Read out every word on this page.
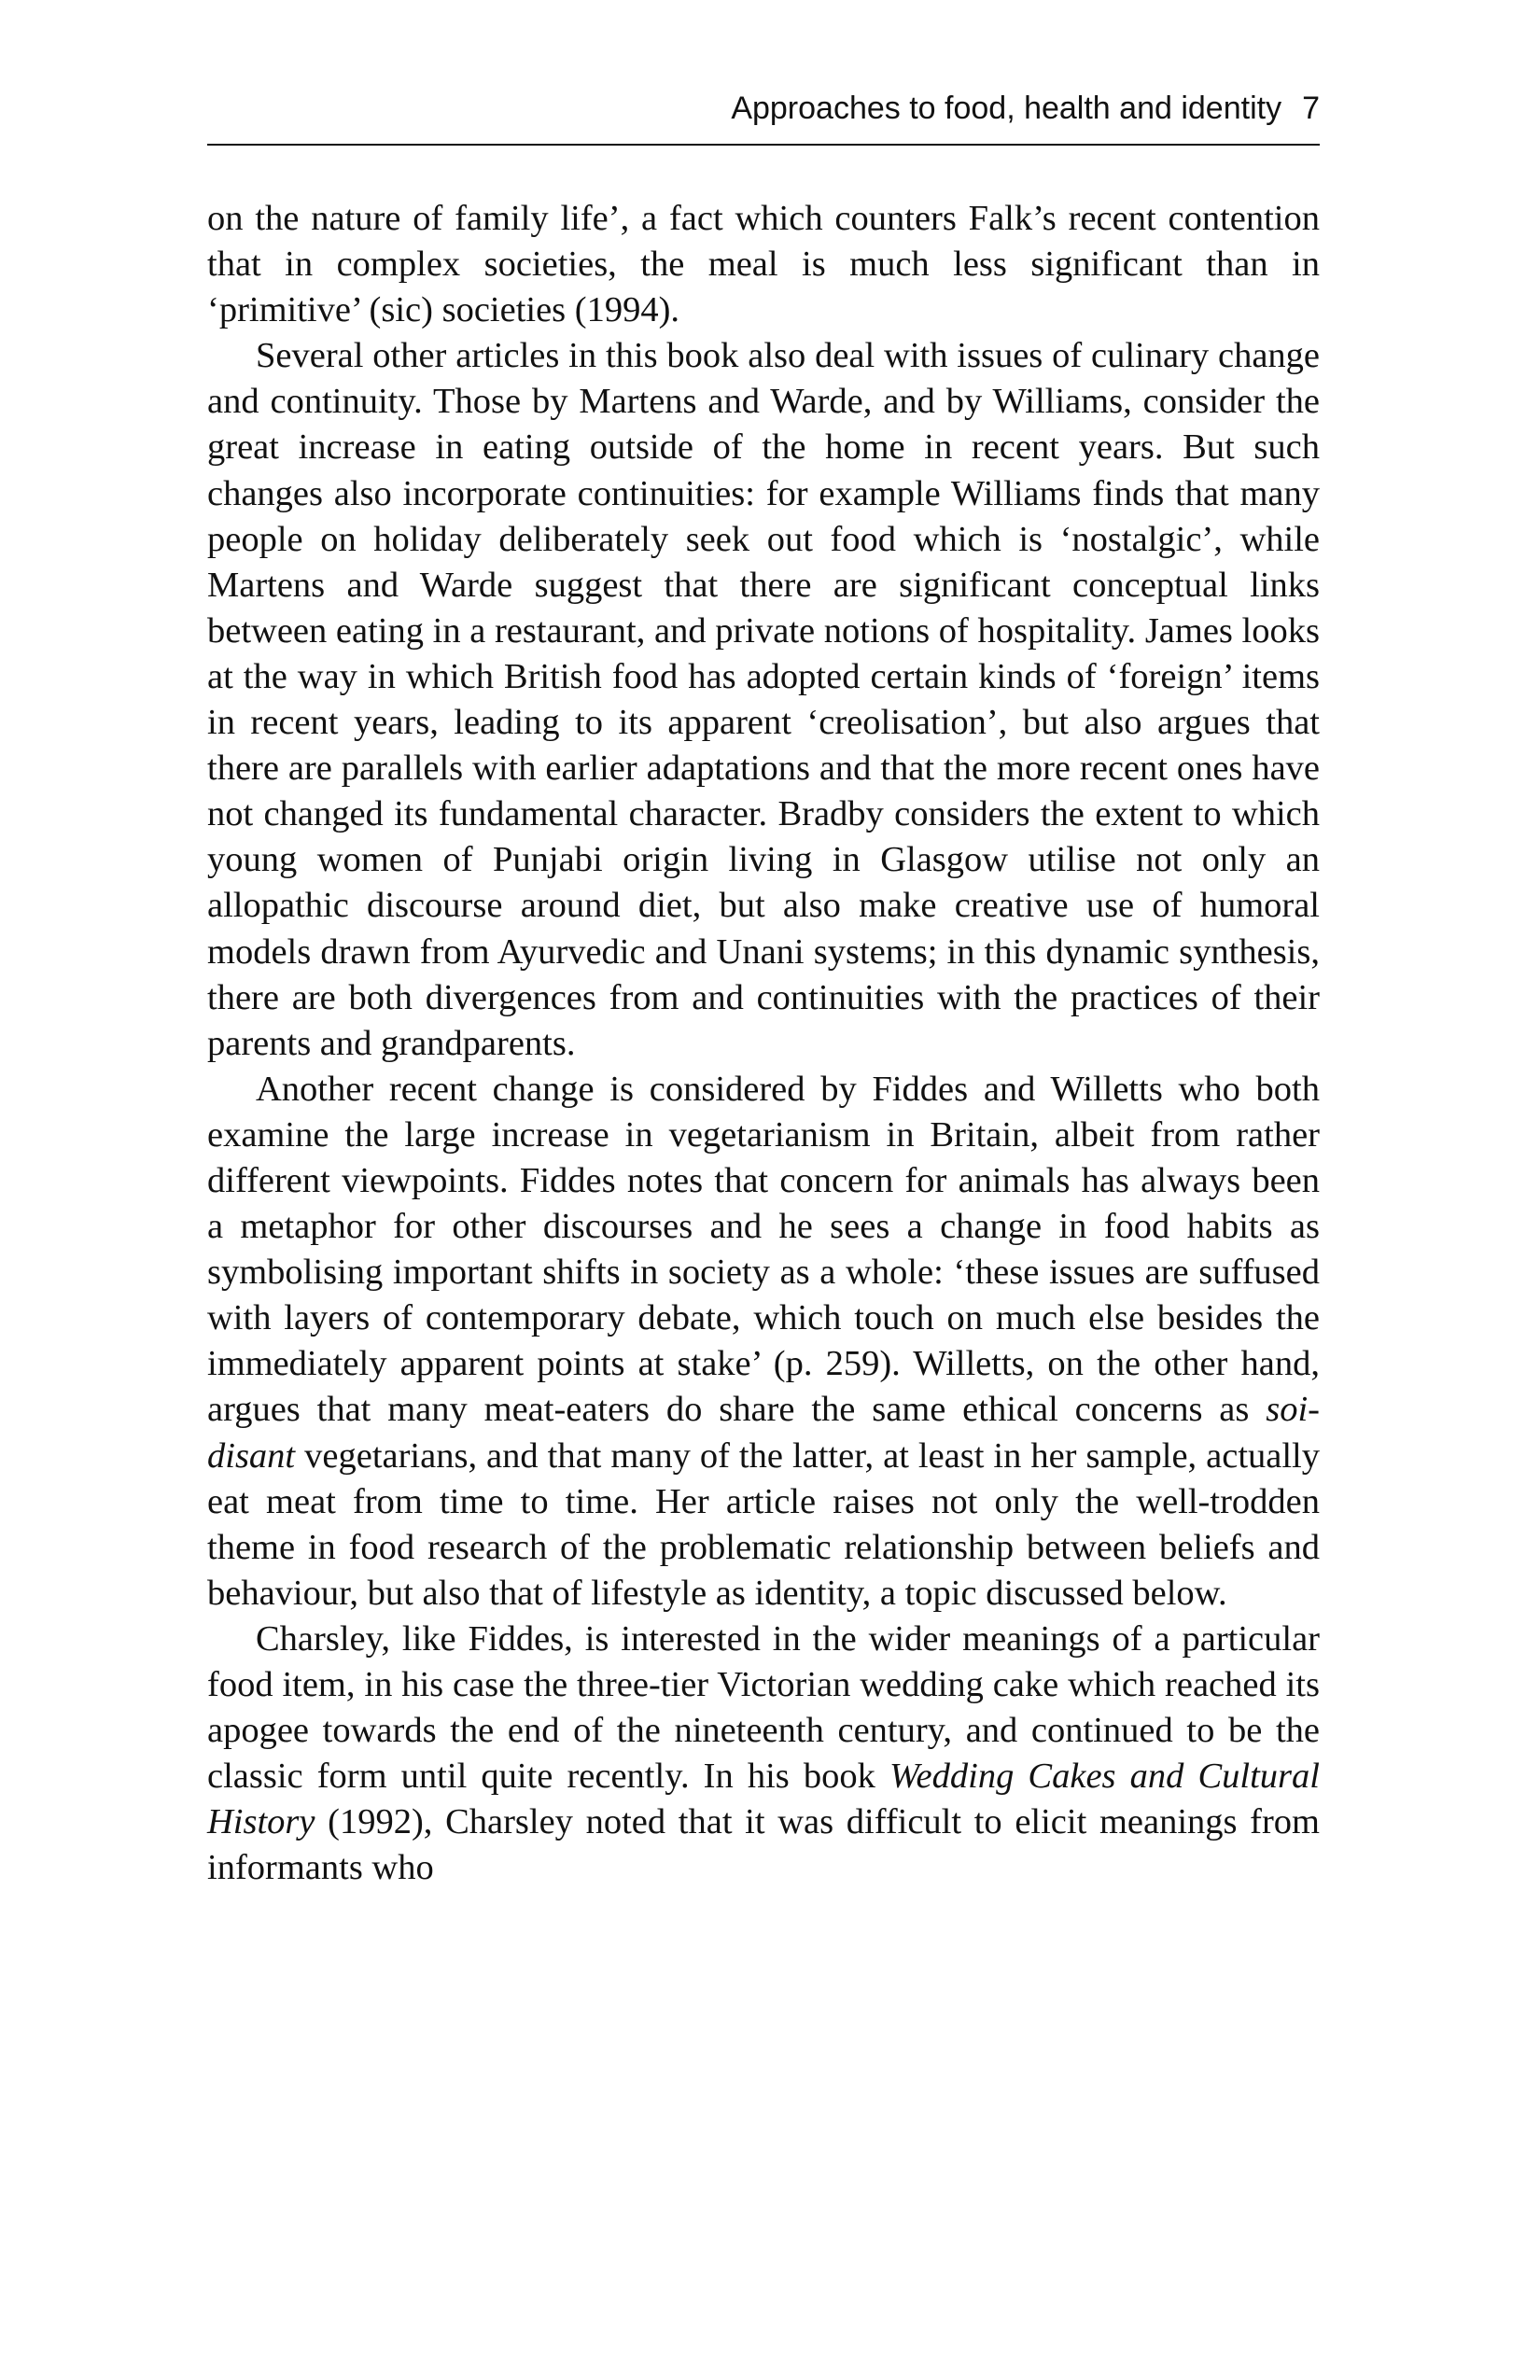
Approaches to food, health and identity 7

on the nature of family life’, a fact which counters Falk’s recent contention that in complex societies, the meal is much less significant than in ‘primitive’ (sic) societies (1994).

Several other articles in this book also deal with issues of culinary change and continuity. Those by Martens and Warde, and by Williams, consider the great increase in eating outside of the home in recent years. But such changes also incorporate continuities: for example Williams finds that many people on holiday deliberately seek out food which is ‘nostalgic’, while Martens and Warde suggest that there are significant conceptual links between eating in a restaurant, and private notions of hospitality. James looks at the way in which British food has adopted certain kinds of ‘foreign’ items in recent years, leading to its apparent ‘creolisation’, but also argues that there are parallels with earlier adaptations and that the more recent ones have not changed its fundamental character. Bradby considers the extent to which young women of Punjabi origin living in Glasgow utilise not only an allopathic discourse around diet, but also make creative use of humoral models drawn from Ayurvedic and Unani systems; in this dynamic synthesis, there are both divergences from and continuities with the practices of their parents and grandparents.

Another recent change is considered by Fiddes and Willetts who both examine the large increase in vegetarianism in Britain, albeit from rather different viewpoints. Fiddes notes that concern for animals has always been a metaphor for other discourses and he sees a change in food habits as symbolising important shifts in society as a whole: ‘these issues are suffused with layers of contemporary debate, which touch on much else besides the immediately apparent points at stake’ (p. 259). Willetts, on the other hand, argues that many meat-eaters do share the same ethical concerns as soi-disant vegetarians, and that many of the latter, at least in her sample, actually eat meat from time to time. Her article raises not only the well-trodden theme in food research of the problematic relationship between beliefs and behaviour, but also that of lifestyle as identity, a topic discussed below.

Charsley, like Fiddes, is interested in the wider meanings of a particular food item, in his case the three-tier Victorian wedding cake which reached its apogee towards the end of the nineteenth century, and continued to be the classic form until quite recently. In his book Wedding Cakes and Cultural History (1992), Charsley noted that it was difficult to elicit meanings from informants who
